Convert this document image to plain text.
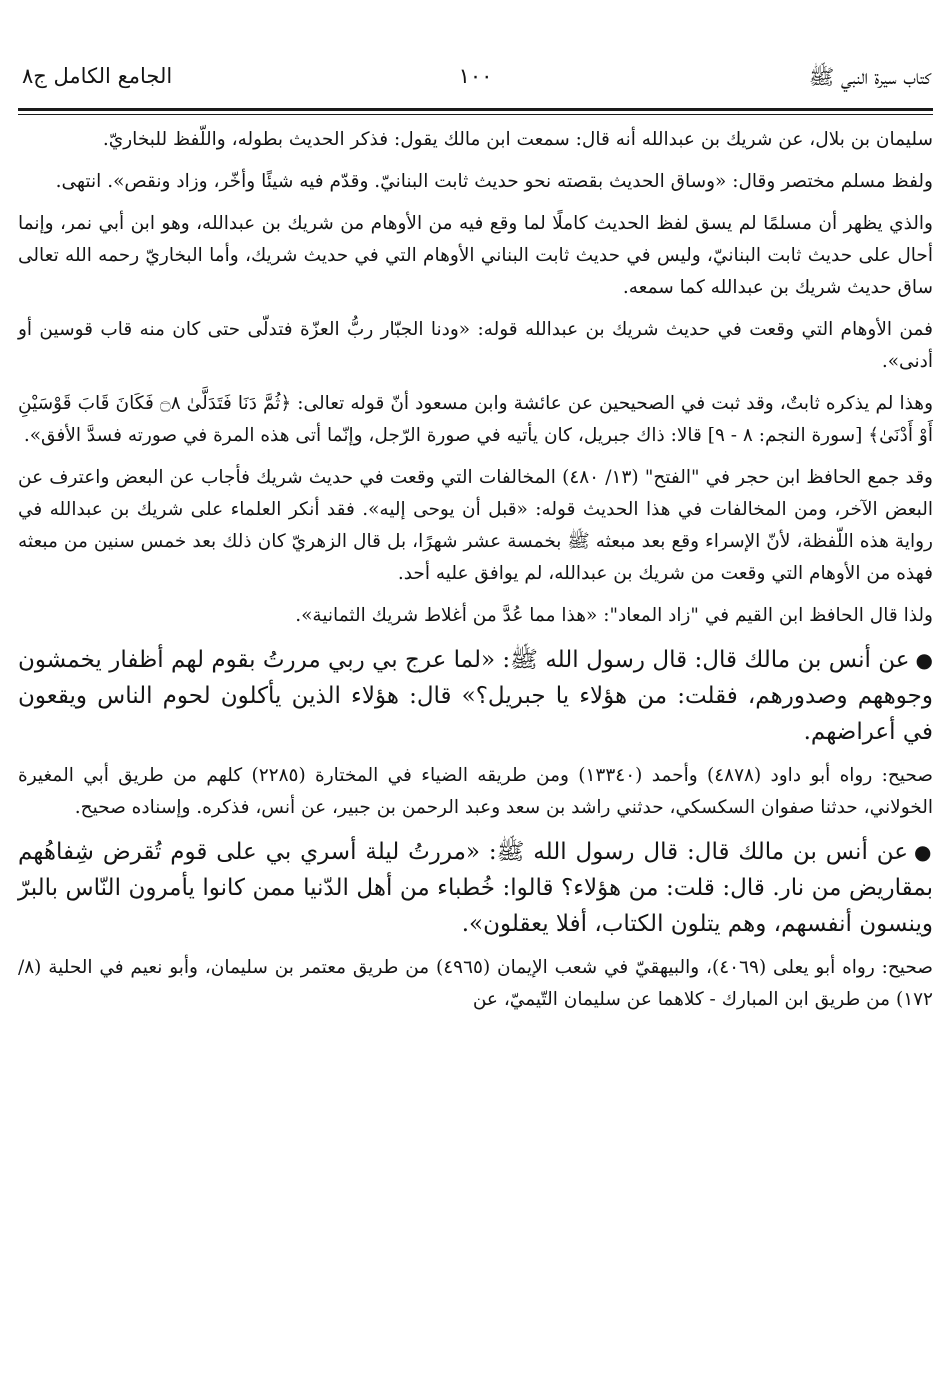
كتاب سيرة النبي ﷺ
١٠٠
الجامع الكامل ج٨

سليمان بن بلال، عن شريك بن عبدالله أنه قال: سمعت ابن مالك يقول: فذكر الحديث بطوله، واللّفظ للبخاريّ.

ولفظ مسلم مختصر وقال: «وساق الحديث بقصته نحو حديث ثابت البنانيّ. وقدّم فيه شيئًا وأخّر، وزاد ونقص». انتهى.

والذي يظهر أن مسلمًا لم يسق لفظ الحديث كاملًا لما وقع فيه من الأوهام من شريك بن عبدالله، وهو ابن أبي نمر، وإنما أحال على حديث ثابت البنانيّ، وليس في حديث ثابت البناني الأوهام التي في حديث شريك، وأما البخاريّ رحمه الله تعالى ساق حديث شريك بن عبدالله كما سمعه.

فمن الأوهام التي وقعت في حديث شريك بن عبدالله قوله: «ودنا الجبّار ربُّ العزّة فتدلّى حتى كان منه قاب قوسين أو أدنى».

وهذا لم يذكره ثابتٌ، وقد ثبت في الصحيحين عن عائشة وابن مسعود أنّ قوله تعالى: ﴿ثُمَّ دَنَا فَتَدَلَّىٰ ۝٨ فَكَانَ قَابَ قَوْسَيْنِ أَوْ أَدْنَىٰ﴾ [سورة النجم: ٨ - ٩] قالا: ذاك جبريل، كان يأتيه في صورة الرّجل، وإنّما أتى هذه المرة في صورته فسدَّ الأفق».

وقد جمع الحافظ ابن حجر في "الفتح" (١٣/ ٤٨٠) المخالفات التي وقعت في حديث شريك فأجاب عن البعض واعترف عن البعض الآخر، ومن المخالفات في هذا الحديث قوله: «قبل أن يوحى إليه». فقد أنكر العلماء على شريك بن عبدالله في رواية هذه اللّفظة، لأنّ الإسراء وقع بعد مبعثه ﷺ بخمسة عشر شهرًا، بل قال الزهريّ كان ذلك بعد خمس سنين من مبعثه فهذه من الأوهام التي وقعت من شريك بن عبدالله، لم يوافق عليه أحد.

ولذا قال الحافظ ابن القيم في "زاد المعاد": «هذا مما عُدَّ من أغلاط شريك الثمانية».

●عن أنس بن مالك قال: قال رسول الله ﷺ: «لما عرج بي ربي مررتُ بقوم لهم أظفار يخمشون وجوههم وصدورهم، فقلت: من هؤلاء يا جبريل؟» قال: هؤلاء الذين يأكلون لحوم الناس ويقعون في أعراضهم.

صحيح: رواه أبو داود (٤٨٧٨) وأحمد (١٣٣٤٠) ومن طريقه الضياء في المختارة (٢٢٨٥) كلهم من طريق أبي المغيرة الخولاني، حدثنا صفوان السكسكي، حدثني راشد بن سعد وعبد الرحمن بن جبير، عن أنس، فذكره. وإسناده صحيح.

●عن أنس بن مالك قال: قال رسول الله ﷺ: «مررتُ ليلة أسري بي على قوم تُقرض شِفاهُهم بمقاريض من نار. قال: قلت: من هؤلاء؟ قالوا: خُطباء من أهل الدّنيا ممن كانوا يأمرون النّاس بالبرّ وينسون أنفسهم، وهم يتلون الكتاب، أفلا يعقلون».

صحيح: رواه أبو يعلى (٤٠٦٩)، والبيهقيّ في شعب الإيمان (٤٩٦٥) من طريق معتمر بن سليمان، وأبو نعيم في الحلية (٨/ ١٧٢) من طريق ابن المبارك - كلاهما عن سليمان التّيميّ، عن
